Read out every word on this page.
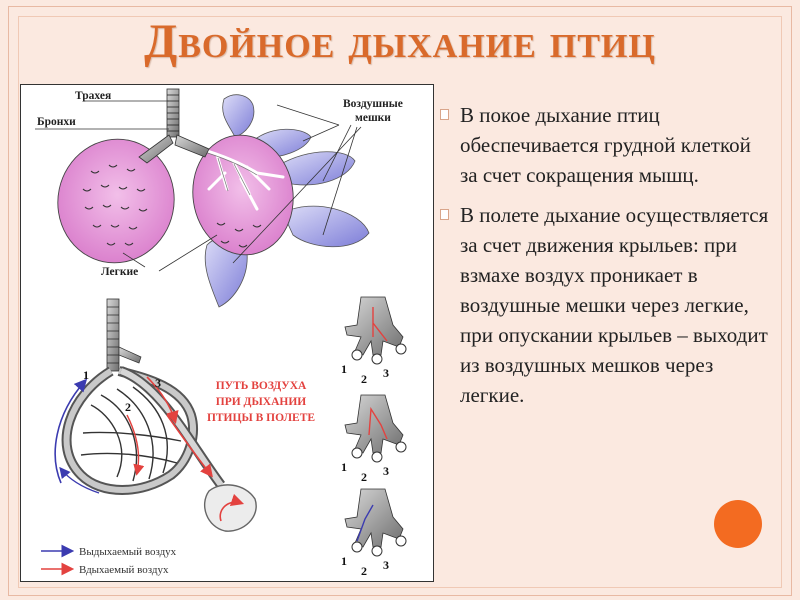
Двойное дыхание птиц
Трахея
Бронхи
Воздушные
мешки
Легкие
1
2
3	ПУТЬ ВОЗДУХА
ПРИ ДЫХАНИИ
ПТИЦЫ В ПОЛЕТЕ
1
2 3
1
2 3
1
2 3
Выдыхаемый воздух
Вдыхаемый воздух
В покое дыхание птиц обеспечивается грудной клеткой за счет сокращения мышц.
В полете дыхание осуществляется за счет движения крыльев: при взмахе воздух проникает в воздушные мешки через легкие, при опускании крыльев – выходит из воздушных мешков через легкие.
